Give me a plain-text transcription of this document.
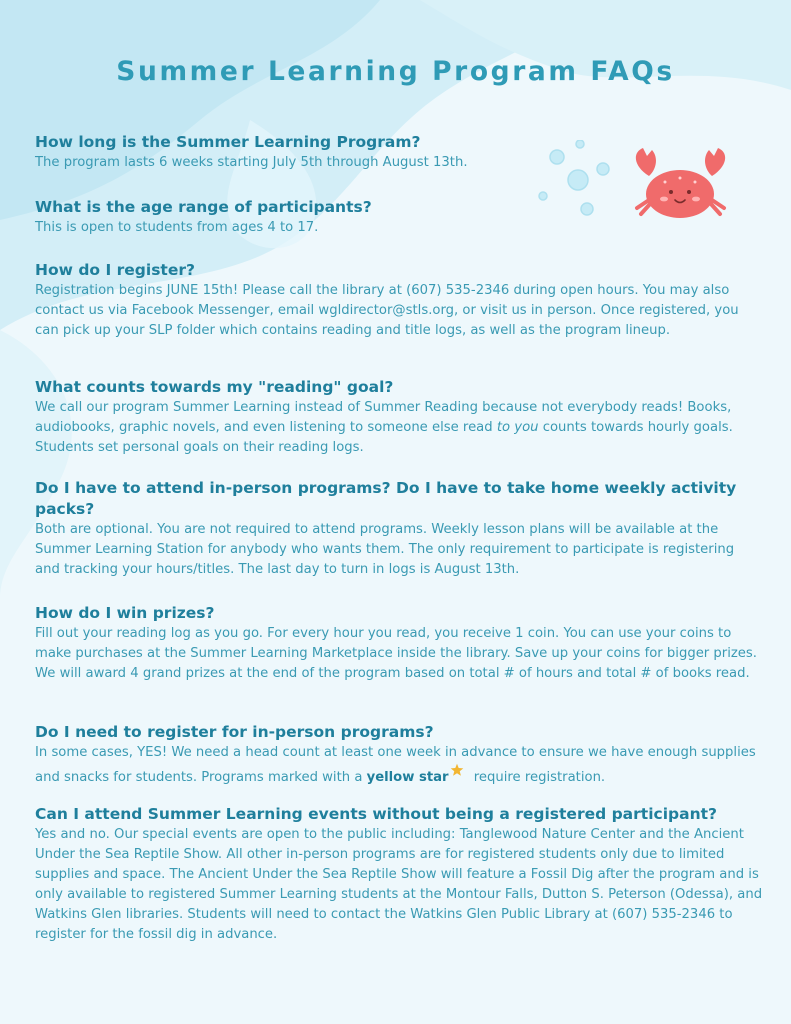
Summer Learning Program FAQs

How long is the Summer Learning Program?

The program lasts 6 weeks starting July 5th through August 13th.

What is the age range of participants?

This is open to students from ages 4 to 17.

How do I register?

Registration begins JUNE 15th! Please call the library at (607) 535-2346 during open hours. You may also contact us via Facebook Messenger, email wgldirector@stls.org, or visit us in person. Once registered, you can pick up your SLP folder which contains reading and title logs, as well as the program lineup.

What counts towards my "reading" goal?

We call our program Summer Learning instead of Summer Reading because not everybody reads! Books, audiobooks, graphic novels, and even listening to someone else read to you counts towards hourly goals. Students set personal goals on their reading logs.

Do I have to attend in-person programs? Do I have to take home weekly activity packs?

Both are optional. You are not required to attend programs. Weekly lesson plans will be available at the Summer Learning Station for anybody who wants them. The only requirement to participate is registering and tracking your hours/titles. The last day to turn in logs is August 13th.

How do I win prizes?

Fill out your reading log as you go. For every hour you read, you receive 1 coin. You can use your coins to make purchases at the Summer Learning Marketplace inside the library. Save up your coins for bigger prizes. We will award 4 grand prizes at the end of the program based on total # of hours and total # of books read.

Do I need to register for in-person programs?

In some cases, YES! We need a head count at least one week in advance to ensure we have enough supplies and snacks for students. Programs marked with a yellow star require registration.

Can I attend Summer Learning events without being a registered participant?

Yes and no. Our special events are open to the public including: Tanglewood Nature Center and the Ancient Under the Sea Reptile Show. All other in-person programs are for registered students only due to limited supplies and space. The Ancient Under the Sea Reptile Show will feature a Fossil Dig after the program and is only available to registered Summer Learning students at the Montour Falls, Dutton S. Peterson (Odessa), and Watkins Glen libraries. Students will need to contact the Watkins Glen Public Library at (607) 535-2346 to register for the fossil dig in advance.
